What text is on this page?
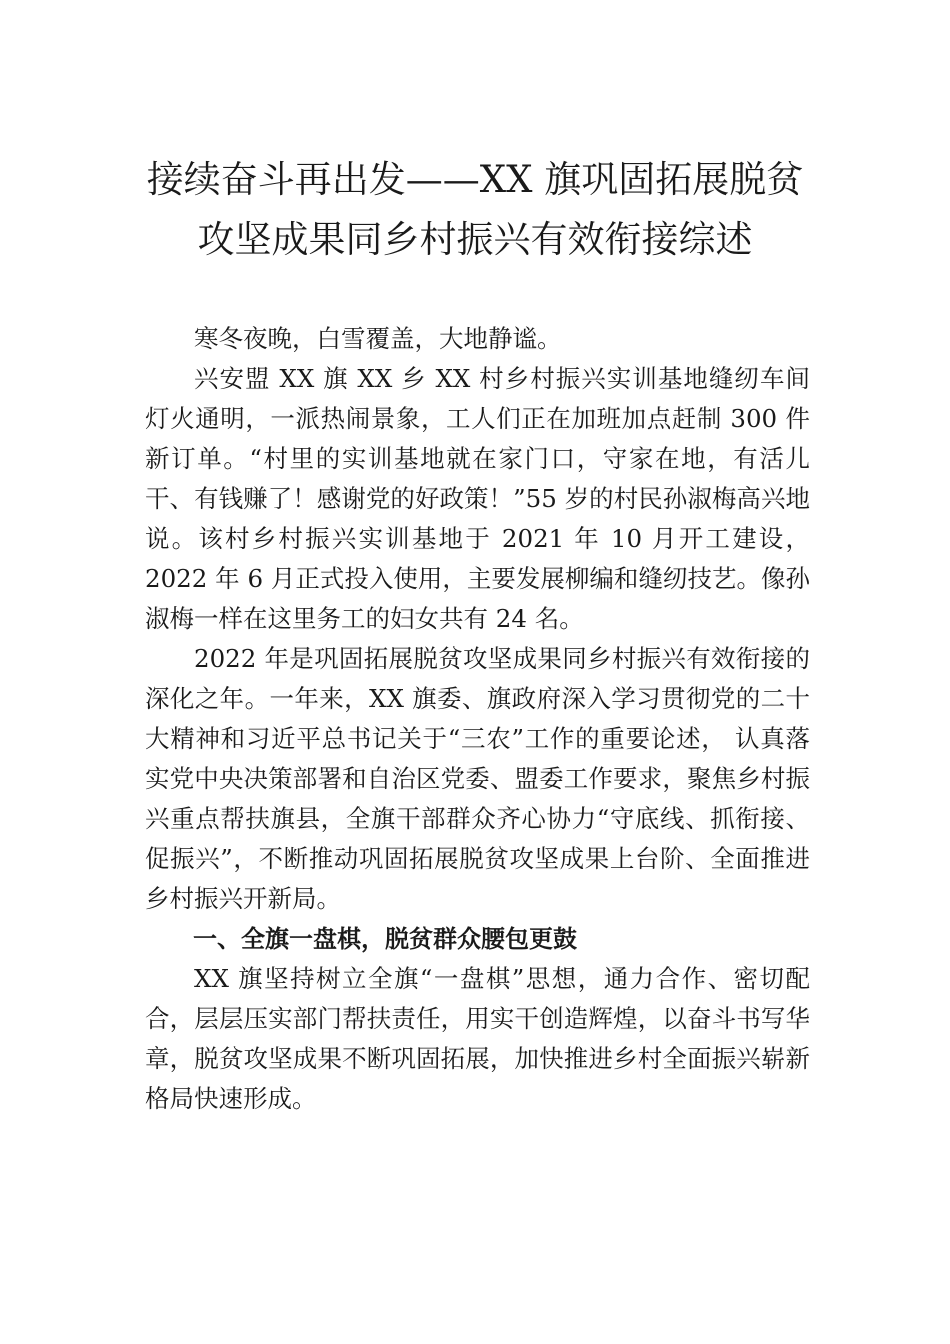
接续奋斗再出发——XX 旗巩固拓展脱贫攻坚成果同乡村振兴有效衔接综述

寒冬夜晚，白雪覆盖，大地静谧。

兴安盟 XX 旗 XX 乡 XX 村乡村振兴实训基地缝纫车间灯火通明，一派热闹景象，工人们正在加班加点赶制 300 件新订单。“村里的实训基地就在家门口，守家在地，有活儿干、有钱赚了！感谢党的好政策！”55 岁的村民孙淑梅高兴地说。该村乡村振兴实训基地于 2021 年 10 月开工建设，2022 年 6 月正式投入使用，主要发展柳编和缝纫技艺。像孙淑梅一样在这里务工的妇女共有 24 名。

2022 年是巩固拓展脱贫攻坚成果同乡村振兴有效衔接的深化之年。一年来，XX 旗委、旗政府深入学习贯彻党的二十大精神和习近平总书记关于“三农”工作的重要论述， 认真落实党中央决策部署和自治区党委、盟委工作要求，聚焦乡村振兴重点帮扶旗县，全旗干部群众齐心协力“守底线、抓衔接、促振兴”，不断推动巩固拓展脱贫攻坚成果上台阶、全面推进乡村振兴开新局。

一、全旗一盘棋，脱贫群众腰包更鼓

XX 旗坚持树立全旗“一盘棋”思想，通力合作、密切配合，层层压实部门帮扶责任，用实干创造辉煌，以奋斗书写华章，脱贫攻坚成果不断巩固拓展，加快推进乡村全面振兴崭新格局快速形成。
